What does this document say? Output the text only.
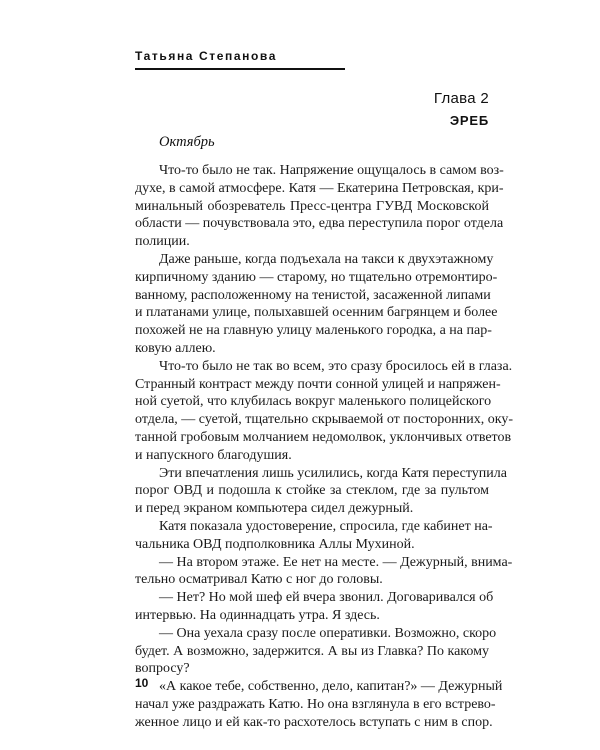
Татьяна Степанова
Глава 2
ЭРЕБ
Октябрь
Что-то было не так. Напряжение ощущалось в самом воз-
духе, в самой атмосфере. Катя — Екатерина Петровская, кри-
минальный обозреватель Пресс-центра ГУВД Московской
области — почувствовала это, едва переступила порог отдела
полиции.
Даже раньше, когда подъехала на такси к двухэтажному
кирпичному зданию — старому, но тщательно отремонтиро-
ванному, расположенному на тенистой, засаженной липами
и платанами улице, полыхавшей осенним багрянцем и более
похожей не на главную улицу маленького городка, а на пар-
ковую аллею.
Что-то было не так во всем, это сразу бросилось ей в глаза.
Странный контраст между почти сонной улицей и напряжен-
ной суетой, что клубилась вокруг маленького полицейского
отдела, — суетой, тщательно скрываемой от посторонних, оку-
танной гробовым молчанием недомолвок, уклончивых ответов
и напускного благодушия.
Эти впечатления лишь усилились, когда Катя переступила
порог ОВД и подошла к стойке за стеклом, где за пультом
и перед экраном компьютера сидел дежурный.
Катя показала удостоверение, спросила, где кабинет на-
чальника ОВД подполковника Аллы Мухиной.
— На втором этаже. Ее нет на месте. — Дежурный, внима-
тельно осматривал Катю с ног до головы.
— Нет? Но мой шеф ей вчера звонил. Договаривался об
интервью. На одиннадцать утра. Я здесь.
— Она уехала сразу после оперативки. Возможно, скоро
будет. А возможно, задержится. А вы из Главка? По какому
вопросу?
«А какое тебе, собственно, дело, капитан?» — Дежурный
начал уже раздражать Катю. Но она взглянула в его встрево-
женное лицо и ей как-то расхотелось вступать с ним в спор.
10
